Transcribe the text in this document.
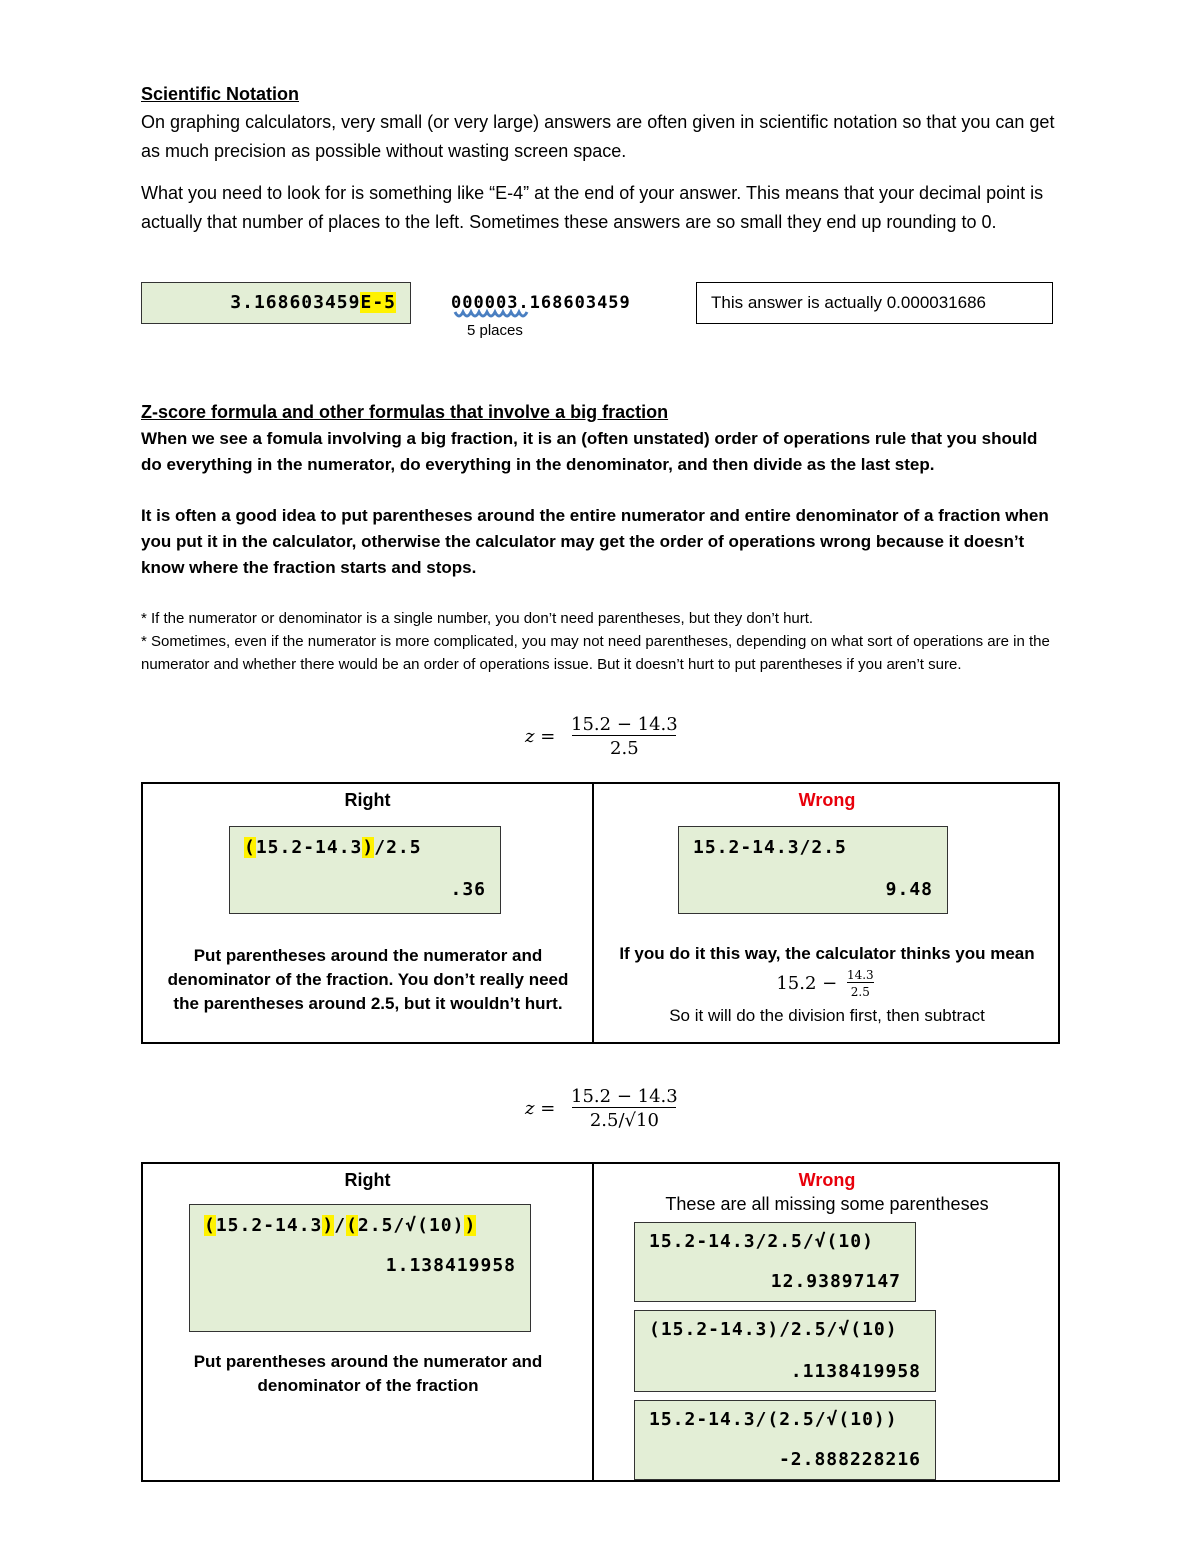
Scientific Notation

On graphing calculators, very small (or very large) answers are often given in scientific notation so that you can get as much precision as possible without wasting screen space.

What you need to look for is something like “E-4” at the end of your answer. This means that your decimal point is actually that number of places to the left. Sometimes these answers are so small they end up rounding to 0.

3.168603459E-5	000003.168603459
5 places
This answer is actually 0.000031686
Z-score formula and other formulas that involve a big fraction
When we see a fomula involving a big fraction, it is an (often unstated) order of operations rule that you should do everything in the numerator, do everything in the denominator, and then divide as the last step.
It is often a good idea to put parentheses around the entire numerator and entire denominator of a fraction when you put it in the calculator, otherwise the calculator may get the order of operations wrong because it doesn’t know where the fraction starts and stops.

* If the numerator or denominator is a single number, you don’t need parentheses, but they don’t hurt.

* Sometimes, even if the numerator is more complicated, you may not need parentheses, depending on what sort of operations are in the numerator and whether there would be an order of operations issue. But it doesn’t hurt to put parentheses if you aren’t sure.

$z = \frac{15.2 - 14.3}{2.5}$
Right
(15.2-14.3)/2.5
.36
Put parentheses around the numerator and denominator of the fraction. You don’t really need the parentheses around 2.5, but it wouldn’t hurt.
Wrong
15.2-14.3/2.5
9.48
If you do it this way, the calculator thinks you mean
$15.2 - \frac{14.3}{2.5}$
So it will do the division first, then subtract
$z = \frac{15.2 - 14.3}{2.5/√10}$
Right
(15.2-14.3)/(2.5/√(10))
1.138419958
Put parentheses around the numerator and denominator of the fraction
Wrong
These are all missing some parentheses
15.2-14.3/2.5/√(10)
12.93897147
(15.2-14.3)/2.5/√(10)
.1138419958
15.2-14.3/(2.5/√(10))
-2.888228216
